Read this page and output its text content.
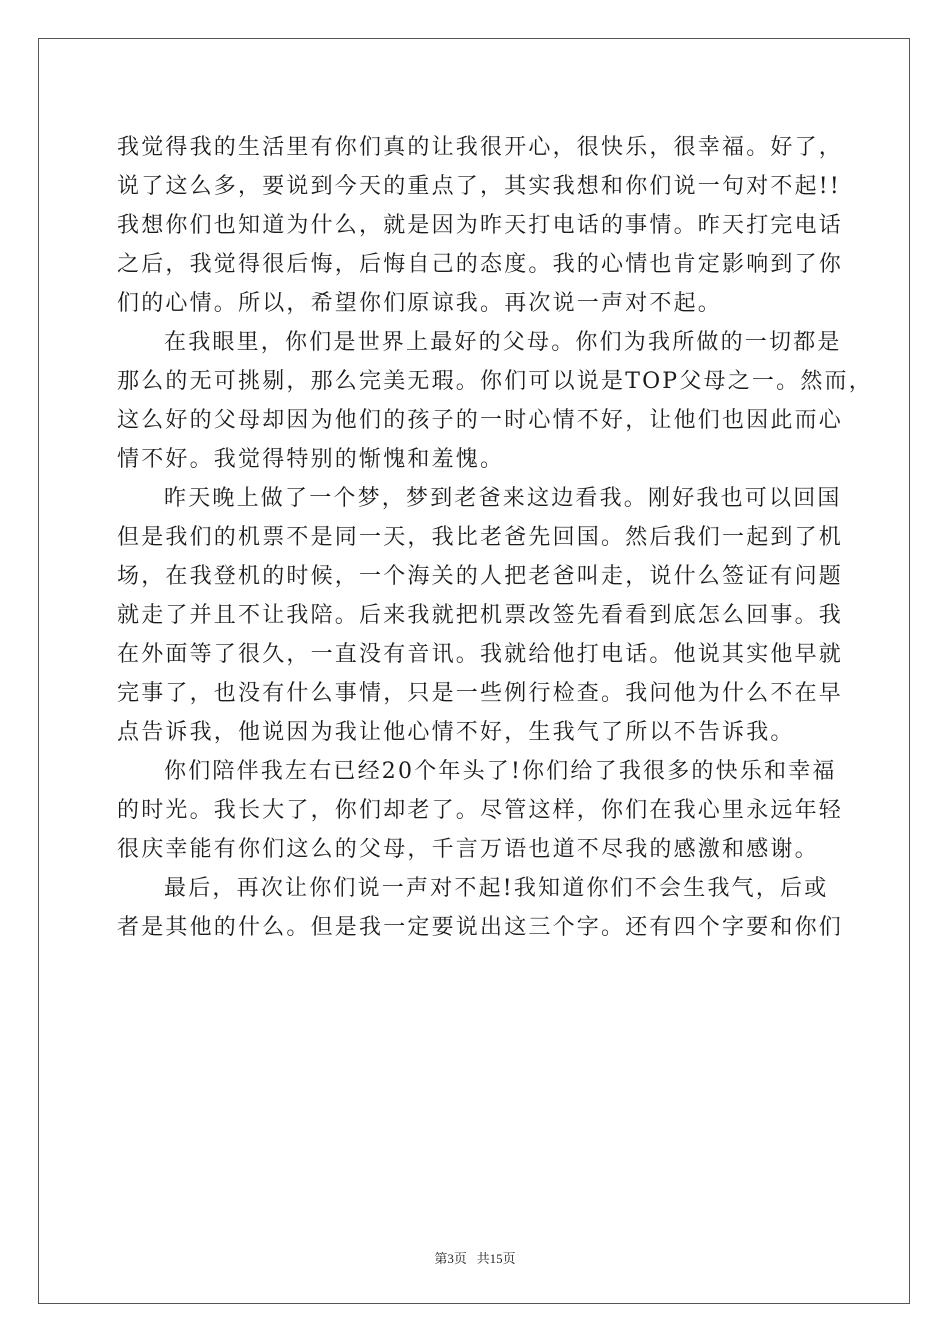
我觉得我的生活里有你们真的让我很开心，很快乐，很幸福。好了，
说了这么多，要说到今天的重点了，其实我想和你们说一句对不起!!
我想你们也知道为什么，就是因为昨天打电话的事情。昨天打完电话
之后，我觉得很后悔，后悔自己的态度。我的心情也肯定影响到了你
们的心情。所以，希望你们原谅我。再次说一声对不起。
在我眼里，你们是世界上最好的父母。你们为我所做的一切都是
那么的无可挑剔，那么完美无瑕。你们可以说是TOP父母之一。然而，
这么好的父母却因为他们的孩子的一时心情不好，让他们也因此而心
情不好。我觉得特别的惭愧和羞愧。
昨天晚上做了一个梦，梦到老爸来这边看我。刚好我也可以回国
但是我们的机票不是同一天，我比老爸先回国。然后我们一起到了机
场，在我登机的时候，一个海关的人把老爸叫走，说什么签证有问题
就走了并且不让我陪。后来我就把机票改签先看看到底怎么回事。我
在外面等了很久，一直没有音讯。我就给他打电话。他说其实他早就
完事了，也没有什么事情，只是一些例行检查。我问他为什么不在早
点告诉我，他说因为我让他心情不好，生我气了所以不告诉我。
你们陪伴我左右已经20个年头了!你们给了我很多的快乐和幸福
的时光。我长大了，你们却老了。尽管这样，你们在我心里永远年轻
很庆幸能有你们这么的父母，千言万语也道不尽我的感激和感谢。
最后，再次让你们说一声对不起!我知道你们不会生我气，后或
者是其他的什么。但是我一定要说出这三个字。还有四个字要和你们
第3页 共15页
